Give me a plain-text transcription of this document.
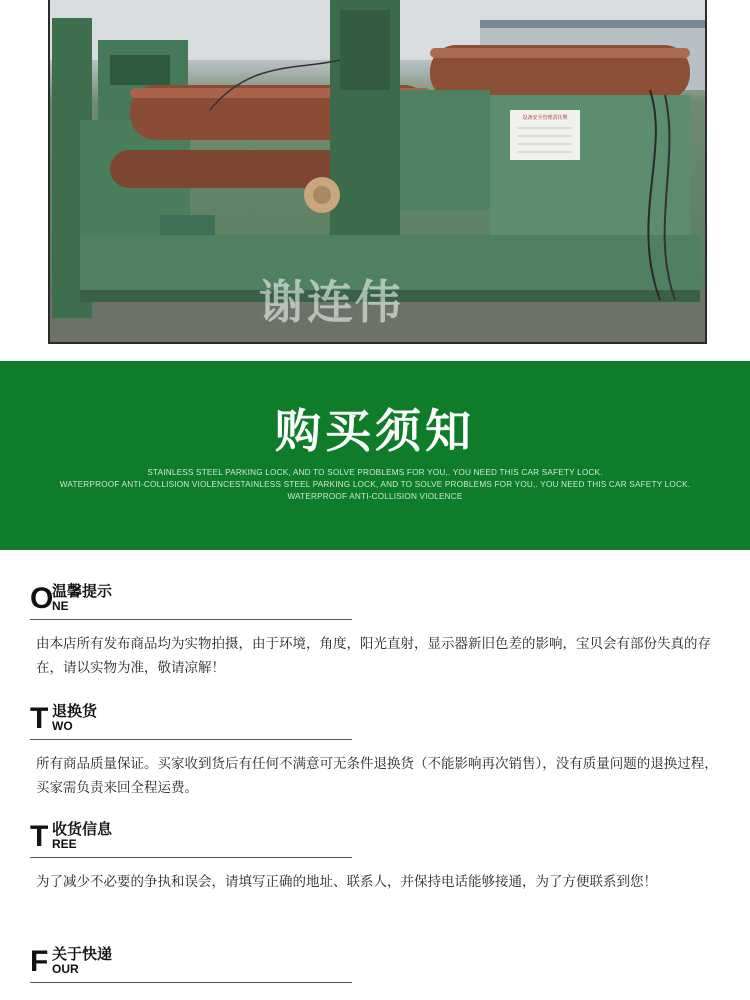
设备安全管理责任牌
谢连伟
购买须知
STAINLESS STEEL PARKING LOCK, AND TO SOLVE PROBLEMS FOR YOU,. YOU NEED THIS CAR SAFETY LOCK.
WATERPROOF ANTI-COLLISION VIOLENCESTAINLESS STEEL PARKING LOCK, AND TO SOLVE PROBLEMS FOR YOU,. YOU NEED THIS CAR SAFETY LOCK.
WATERPROOF ANTI-COLLISION VIOLENCE
O
温馨提示
NE
由本店所有发布商品均为实物拍摄，由于环境，角度，阳光直射，显示器新旧色差的影响，宝贝会有部份失真的存在，请以实物为准，敬请凉解！
T 退换货
WO
所有商品质量保证。买家收到货后有任何不满意可无条件退换货（不能影响再次销售），没有质量问题的退换过程，买家需负责来回全程运费。
T 收货信息
REE
为了减少不必要的争执和误会，请填写正确的地址、联系人，并保持电话能够接通，为了方便联系到您！
F 关于快递
OUR
